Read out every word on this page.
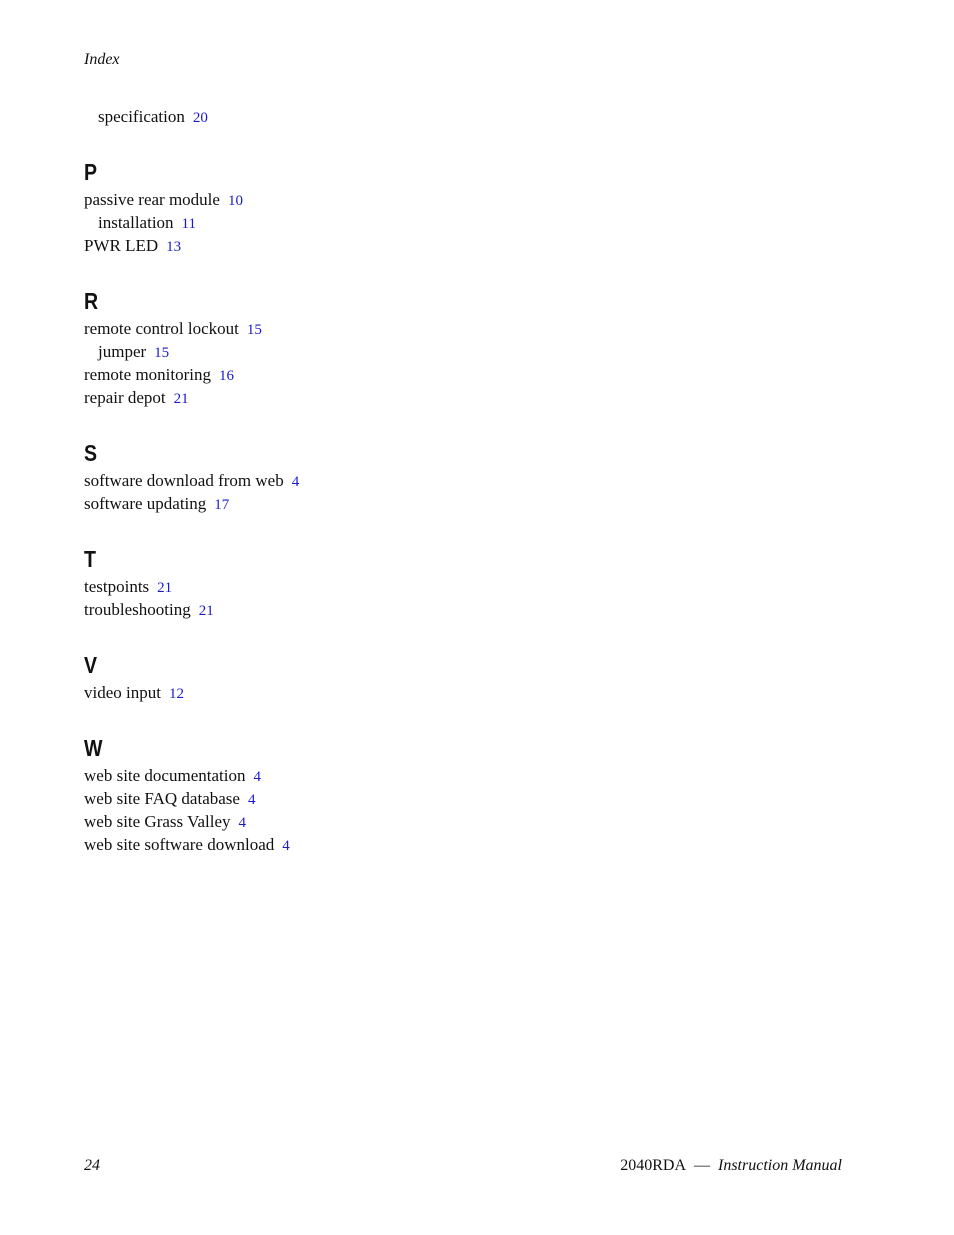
Index
specification 20
P
passive rear module 10
installation 11
PWR LED 13
R
remote control lockout 15
jumper 15
remote monitoring 16
repair depot 21
S
software download from web 4
software updating 17
T
testpoints 21
troubleshooting 21
V
video input 12
W
web site documentation 4
web site FAQ database 4
web site Grass Valley 4
web site software download 4
24	2040RDA — Instruction Manual
